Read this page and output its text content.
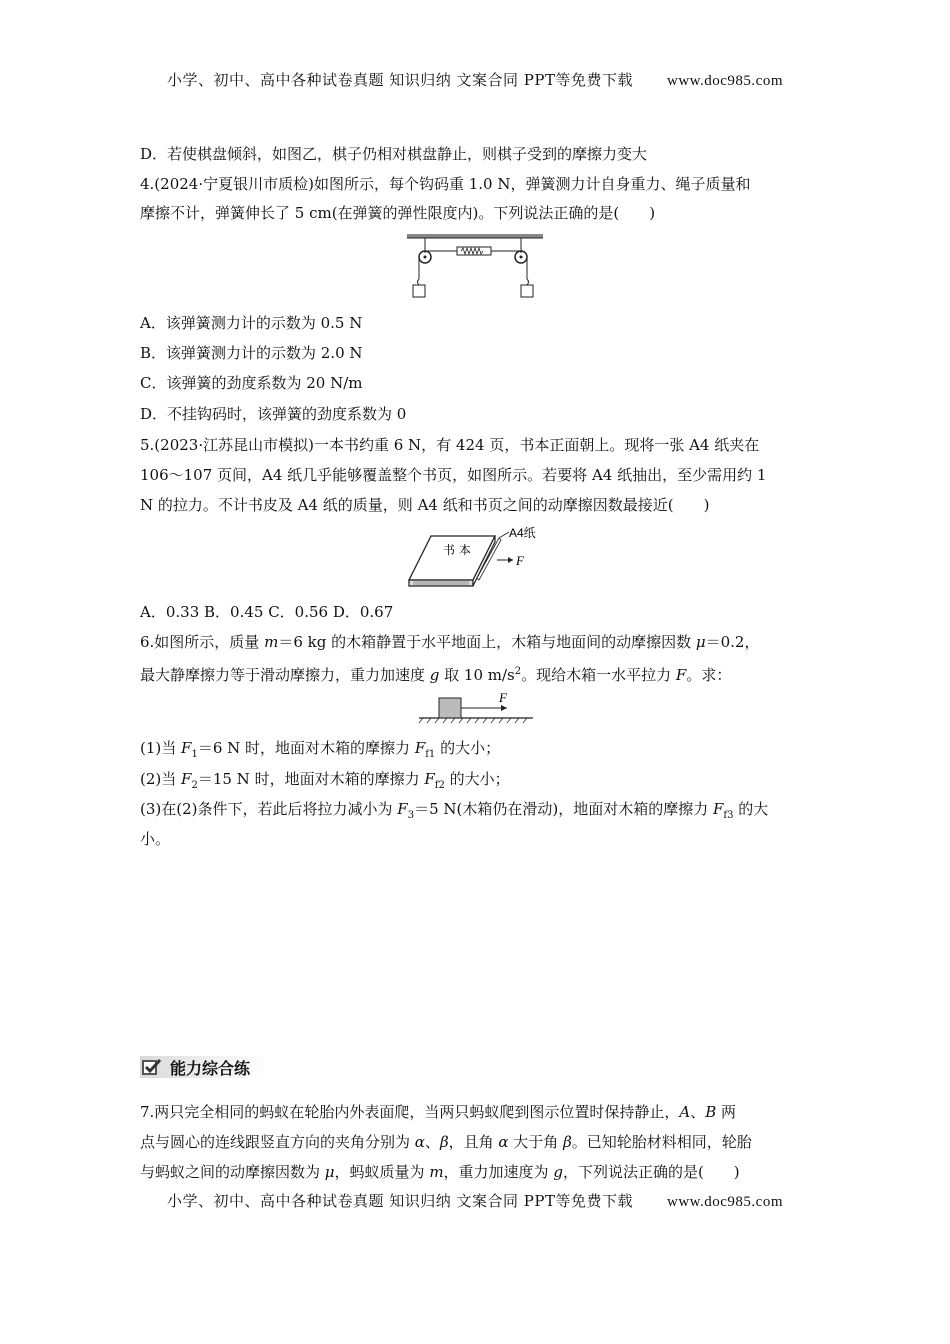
小学、初中、高中各种试卷真题 知识归纳 文案合同 PPT等免费下载 www.doc985.com
D．若使棋盘倾斜，如图乙，棋子仍相对棋盘静止，则棋子受到的摩擦力变大
4.(2024·宁夏银川市质检)如图所示，每个钩码重 1.0 N，弹簧测力计自身重力、绳子质量和
摩擦不计，弹簧伸长了 5 cm(在弹簧的弹性限度内)。下列说法正确的是(　　)
A．该弹簧测力计的示数为 0.5 N
B．该弹簧测力计的示数为 2.0 N
C．该弹簧的劲度系数为 20 N/m
D．不挂钩码时，该弹簧的劲度系数为 0
5.(2023·江苏昆山市模拟)一本书约重 6 N，有 424 页，书本正面朝上。现将一张 A4 纸夹在
106～107 页间，A4 纸几乎能够覆盖整个书页，如图所示。若要将 A4 纸抽出，至少需用约 1
N 的拉力。不计书皮及 A4 纸的质量，则 A4 纸和书页之间的动摩擦因数最接近(　　)
书 本
A4纸
F
A．0.33 B．0.45 C．0.56 D．0.67
6.如图所示，质量 m＝6 kg 的木箱静置于水平地面上，木箱与地面间的动摩擦因数 μ＝0.2，
最大静摩擦力等于滑动摩擦力，重力加速度 g 取 10 $m/s^2$。现给木箱一水平拉力 F。求：
F
(1)当 $F_1=6$ N 时，地面对木箱的摩擦力 $F_{f1}$ 的大小；
(2)当 $F_2=15$ N 时，地面对木箱的摩擦力 $F_{f2}$ 的大小；
(3)在(2)条件下，若此后将拉力减小为 $F_3=5$ N(木箱仍在滑动)，地面对木箱的摩擦力 $F_{f3}$ 的大
小。
能力综合练
7.两只完全相同的蚂蚁在轮胎内外表面爬，当两只蚂蚁爬到图示位置时保持静止，A、B 两
点与圆心的连线跟竖直方向的夹角分别为 α、β，且角 α 大于角 β。已知轮胎材料相同，轮胎
与蚂蚁之间的动摩擦因数为 μ，蚂蚁质量为 m，重力加速度为 g，下列说法正确的是(　　)
小学、初中、高中各种试卷真题 知识归纳 文案合同 PPT等免费下载 www.doc985.com
